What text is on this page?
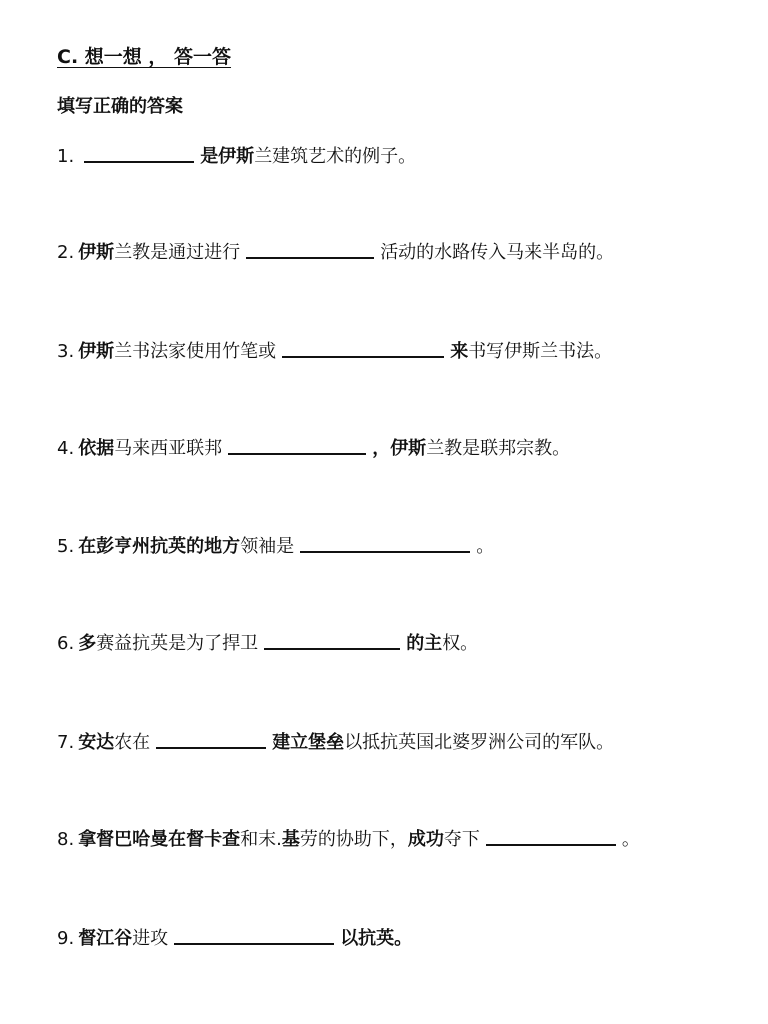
C. 想一想 ， 答一答
填写正确的答案
1.	是伊斯 兰建筑艺术的例子。
2. 伊斯 兰教是通过进行	活动的水路传入马来半岛的。
3. 伊斯 兰书法家使用竹笔或	来 书写伊斯兰书法。
4. 依据 马来西亚联邦	， 伊斯 兰教是联邦宗教。
5. 在彭亨州抗英的地方 领袖是	。
6. 多 赛益抗英是为了捍卫	的主 权。
7. 安达 农在	建立堡垒 以抵抗英国北婆罗洲公司的军队。
8. 拿督巴哈曼在督卡查 和末. 基 劳的协助下， 成功 夺下	。
9. 督江谷 进攻	以抗英。
